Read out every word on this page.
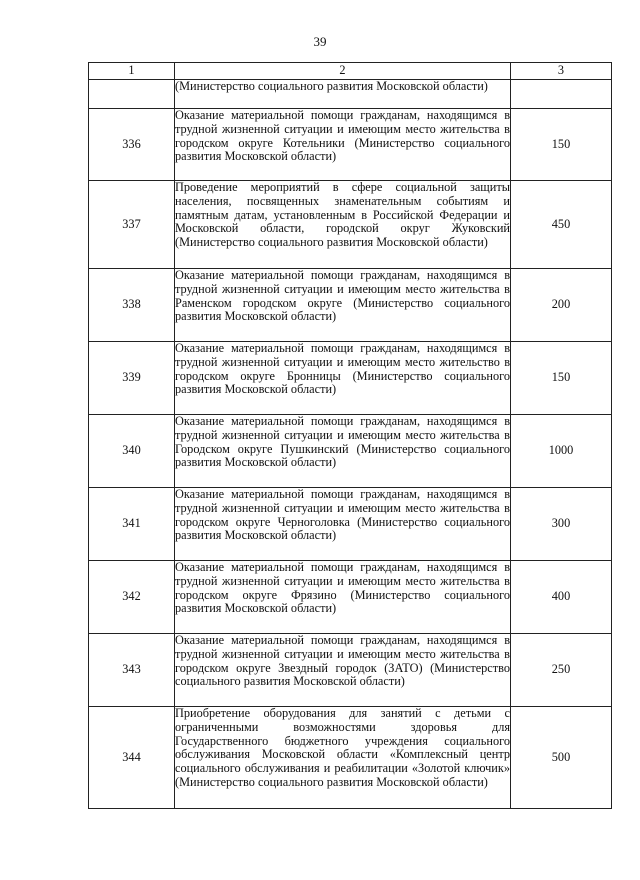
39
1	2	3
	(Министерство социального развития Московской области)	
336	Оказание материальной помощи гражданам, находящимся в трудной жизненной ситуации и имеющим место жительства в городском округе Котельники (Министерство социального развития Московской области)	150
337	Проведение мероприятий в сфере социальной защиты населения, посвященных знаменательным событиям и памятным датам, установленным в Российской Федерации и Московской области, городской округ Жуковский (Министерство социального развития Московской области)	450
338	Оказание материальной помощи гражданам, находящимся в трудной жизненной ситуации и имеющим место жительства в Раменском городском округе (Министерство социального развития Московской области)	200
339	Оказание материальной помощи гражданам, находящимся в трудной жизненной ситуации и имеющим место жительство в городском округе Бронницы (Министерство социального развития Московской области)	150
340	Оказание материальной помощи гражданам, находящимся в трудной жизненной ситуации и имеющим место жительства в Городском округе Пушкинский (Министерство социального развития Московской области)	1000
341	Оказание материальной помощи гражданам, находящимся в трудной жизненной ситуации и имеющим место жительства в городском округе Черноголовка (Министерство социального развития Московской области)	300
342	Оказание материальной помощи гражданам, находящимся в трудной жизненной ситуации и имеющим место жительства в городском округе Фрязино (Министерство социального развития Московской области)	400
343	Оказание материальной помощи гражданам, находящимся в трудной жизненной ситуации и имеющим место жительства в городском округе Звездный городок (ЗАТО) (Министерство социального развития Московской области)	250
344	Приобретение оборудования для занятий с детьми с ограниченными возможностями здоровья для Государственного бюджетного учреждения социального обслуживания Московской области «Комплексный центр социального обслуживания и реабилитации «Золотой ключик» (Министерство социального развития Московской области)	500
